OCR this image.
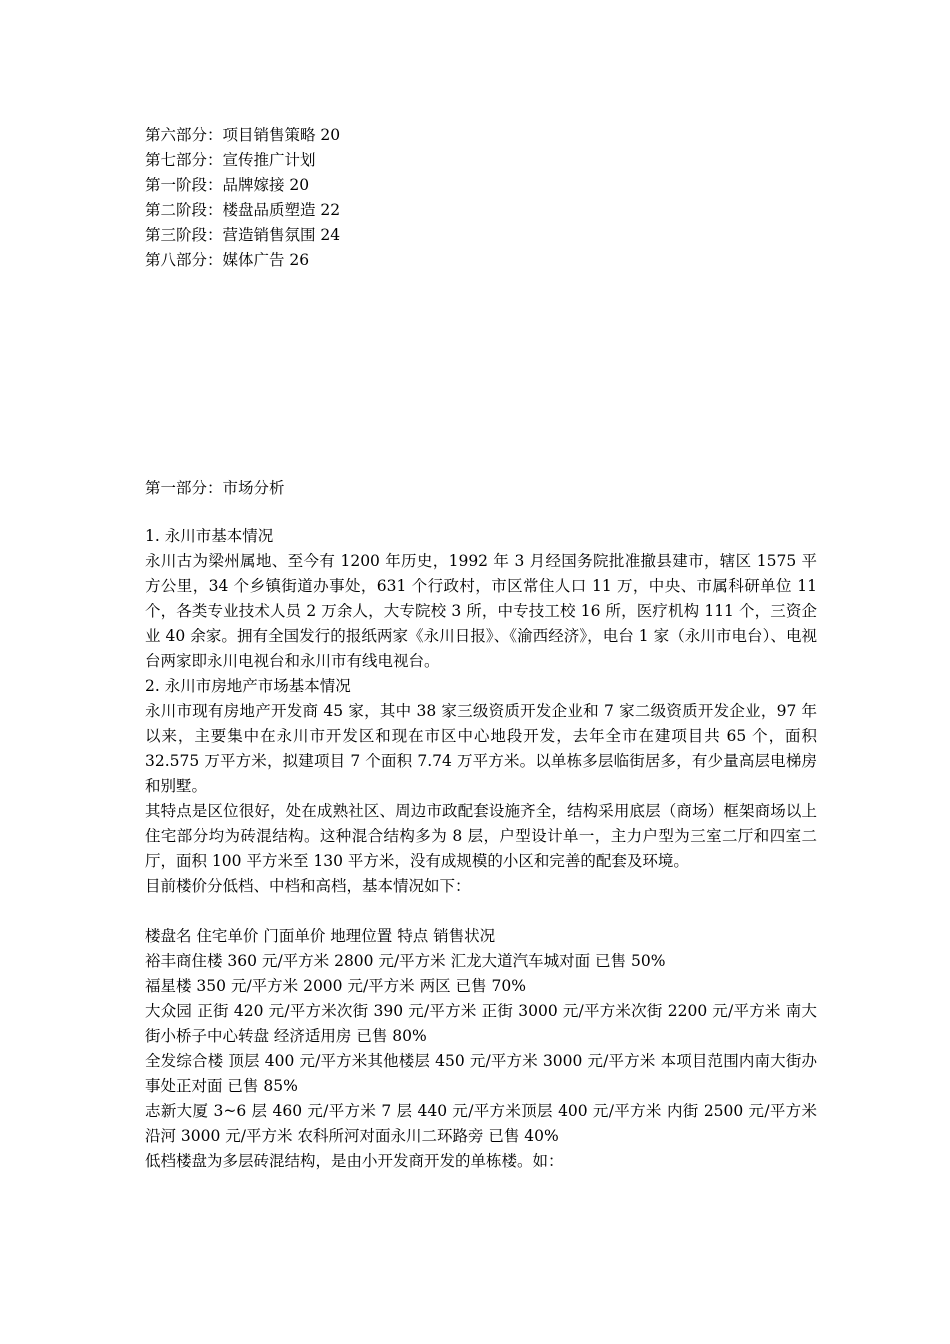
第六部分：项目销售策略 20
第七部分：宣传推广计划
第一阶段：品牌嫁接 20
第二阶段：楼盘品质塑造 22
第三阶段：营造销售氛围 24
第八部分：媒体广告 26
第一部分：市场分析
1. 永川市基本情况

永川古为梁州属地、至今有 1200 年历史，1992 年 3 月经国务院批准撤县建市，辖区 1575 平方公里，34 个乡镇街道办事处，631 个行政村，市区常住人口 11 万，中央、市属科研单位 11 个，各类专业技术人员 2 万余人，大专院校 3 所，中专技工校 16 所，医疗机构 111 个，三资企业 40 余家。拥有全国发行的报纸两家《永川日报》、《渝西经济》，电台 1 家（永川市电台）、电视台两家即永川电视台和永川市有线电视台。

2. 永川市房地产市场基本情况

永川市现有房地产开发商 45 家，其中 38 家三级资质开发企业和 7 家二级资质开发企业，97 年以来，主要集中在永川市开发区和现在市区中心地段开发，去年全市在建项目共 65 个，面积 32.575 万平方米，拟建项目 7 个面积 7.74 万平方米。以单栋多层临街居多，有少量高层电梯房和别墅。

其特点是区位很好，处在成熟社区、周边市政配套设施齐全，结构采用底层（商场）框架商场以上住宅部分均为砖混结构。这种混合结构多为 8 层，户型设计单一，主力户型为三室二厅和四室二厅，面积 100 平方米至 130 平方米，没有成规模的小区和完善的配套及环境。

目前楼价分低档、中档和高档，基本情况如下：

楼盘名 住宅单价 门面单价 地理位置 特点 销售状况

裕丰商住楼 360 元/平方米 2800 元/平方米 汇龙大道汽车城对面 已售 50%

福星楼 350 元/平方米 2000 元/平方米 两区 已售 70%

大众园 正街 420 元/平方米次街 390 元/平方米 正街 3000 元/平方米次街 2200 元/平方米 南大街小桥子中心转盘 经济适用房 已售 80%

全发综合楼 顶层 400 元/平方米其他楼层 450 元/平方米 3000 元/平方米 本项目范围内南大街办事处正对面 已售 85%

志新大厦 3~6 层 460 元/平方米 7 层 440 元/平方米顶层 400 元/平方米 内街 2500 元/平方米沿河 3000 元/平方米 农科所河对面永川二环路旁 已售 40%

低档楼盘为多层砖混结构，是由小开发商开发的单栋楼。如：
